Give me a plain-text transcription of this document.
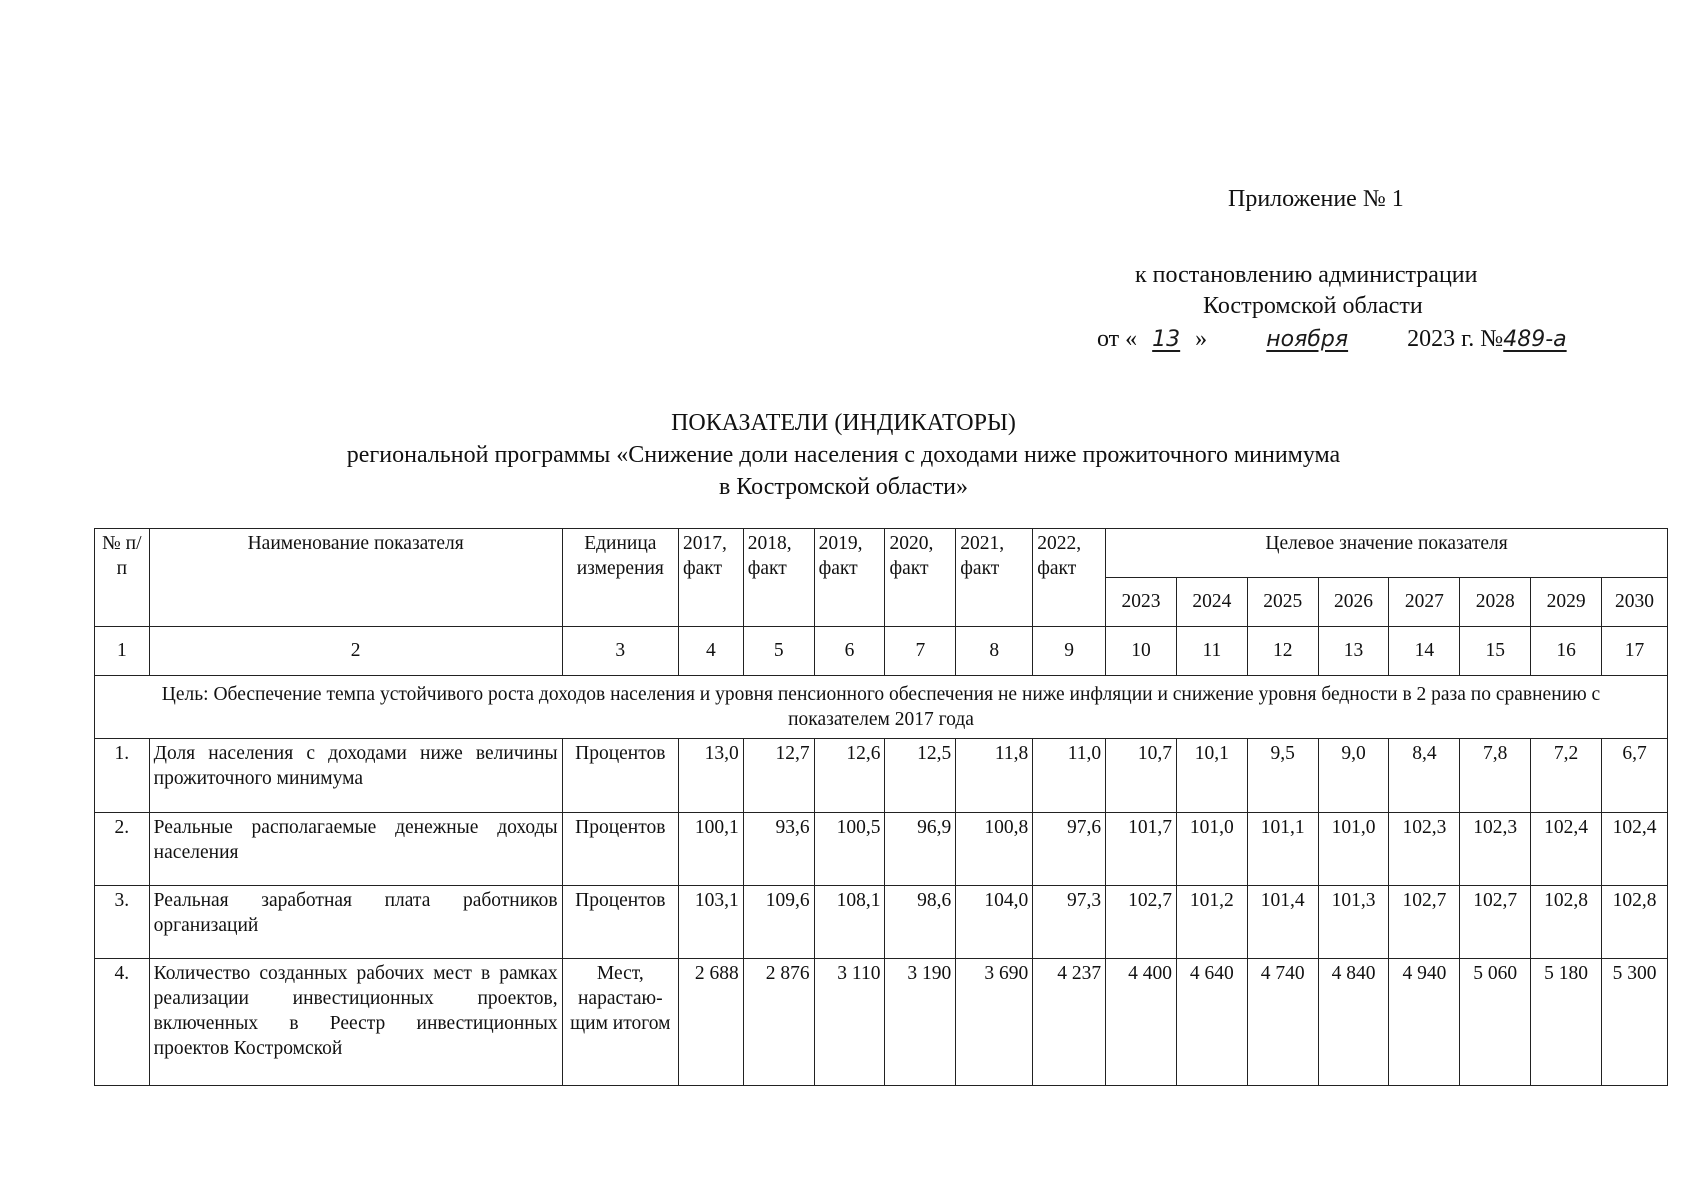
Приложение № 1
к постановлению администрации
Костромской области
от « 13 »	ноября 2023 г. №489-а
ПОКАЗАТЕЛИ (ИНДИКАТОРЫ)
региональной программы «Снижение доли населения с доходами ниже прожиточного минимума
в Костромской области»
№ п/п	Наименование показателя	Единица измерения	2017, факт	2018, факт	2019, факт	2020, факт	2021, факт	2022, факт	Целевое значение показателя							
									2023	2024	2025	2026	2027	2028	2029	2030
1	2	3	4	5	6	7	8	9	10	11	12	13	14	15	16	17
Цель: Обеспечение темпа устойчивого роста доходов населения и уровня пенсионного обеспечения не ниже инфляции и снижение уровня бедности в 2 раза по сравнению с показателем 2017 года																
1.	Доля населения с доходами ниже величины прожиточного минимума	Процентов	13,0	12,7	12,6	12,5	11,8	11,0	10,7	10,1	9,5	9,0	8,4	7,8	7,2	6,7
2.	Реальные располагаемые денежные доходы населения	Процентов	100,1	93,6	100,5	96,9	100,8	97,6	101,7	101,0	101,1	101,0	102,3	102,3	102,4	102,4
3.	Реальная заработная плата работников организаций	Процентов	103,1	109,6	108,1	98,6	104,0	97,3	102,7	101,2	101,4	101,3	102,7	102,7	102,8	102,8
4.	Количество созданных рабочих мест в рамках реализации инвестиционных проектов, включенных в Реестр инвестиционных проектов Костромской	Мест, нарастаю-щим итогом	2 688	2 876	3 110	3 190	3 690	4 237	4 400	4 640	4 740	4 840	4 940	5 060	5 180	5 300
